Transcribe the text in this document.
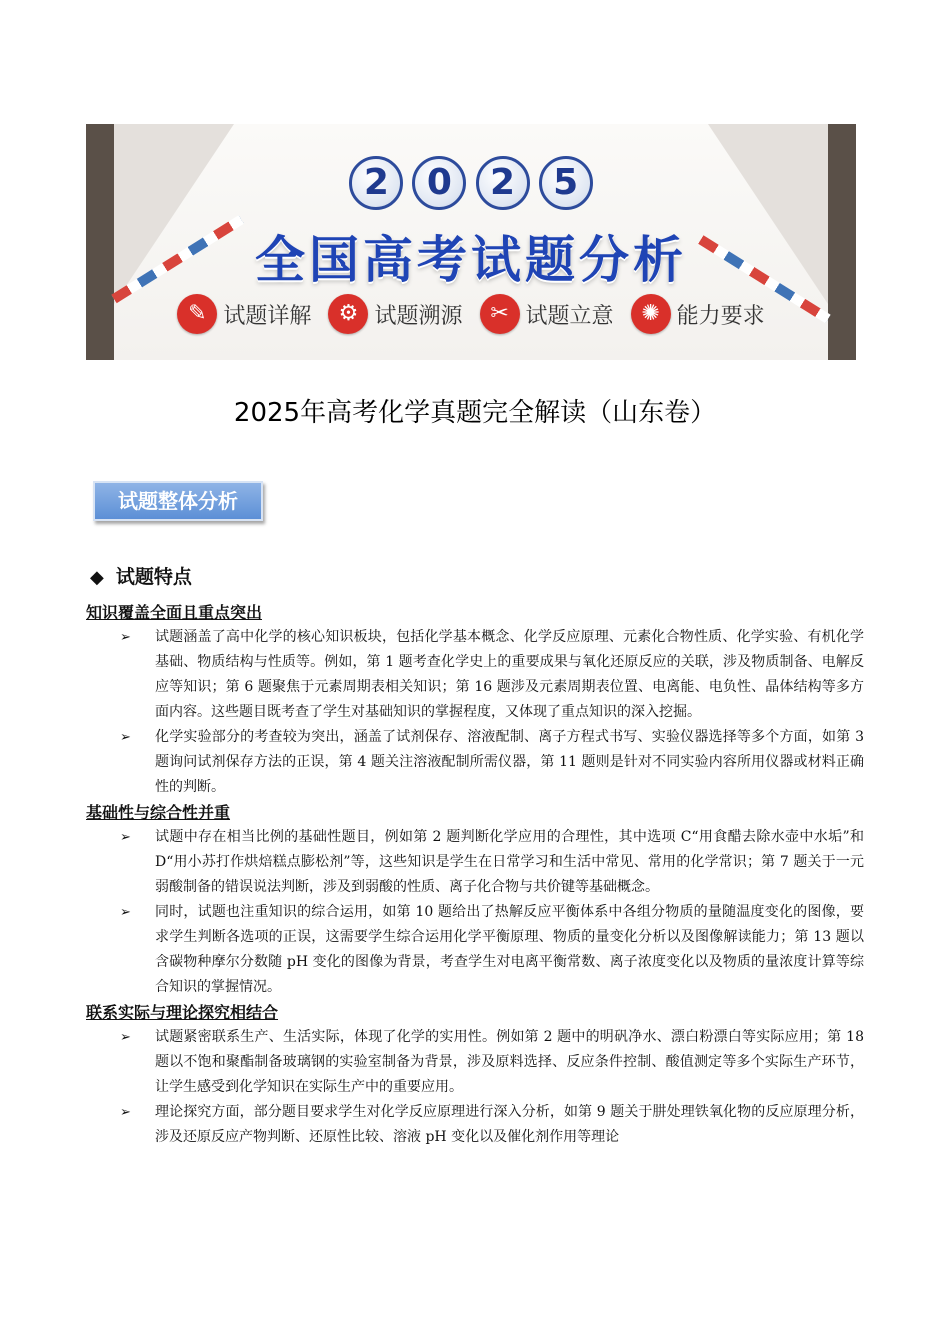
2 0 2 5
全国高考试题分析
✎ 试题详解 ⚙ 试题溯源 ✂ 试题立意 ✺ 能力要求
2025年高考化学真题完全解读（山东卷）
试题整体分析
◆ 试题特点
知识覆盖全面且重点突出
➢ 试题涵盖了高中化学的核心知识板块，包括化学基本概念、化学反应原理、元素化合物性质、化学实验、有机化学基础、物质结构与性质等。例如，第 1 题考查化学史上的重要成果与氧化还原反应的关联，涉及物质制备、电解反应等知识；第 6 题聚焦于元素周期表相关知识；第 16 题涉及元素周期表位置、电离能、电负性、晶体结构等多方面内容。这些题目既考查了学生对基础知识的掌握程度，又体现了重点知识的深入挖掘。
➢ 化学实验部分的考查较为突出，涵盖了试剂保存、溶液配制、离子方程式书写、实验仪器选择等多个方面，如第 3 题询问试剂保存方法的正误，第 4 题关注溶液配制所需仪器，第 11 题则是针对不同实验内容所用仪器或材料正确性的判断。
基础性与综合性并重
➢ 试题中存在相当比例的基础性题目，例如第 2 题判断化学应用的合理性，其中选项 C“用食醋去除水壶中水垢”和 D“用小苏打作烘焙糕点膨松剂”等，这些知识是学生在日常学习和生活中常见、常用的化学常识；第 7 题关于一元弱酸制备的错误说法判断，涉及到弱酸的性质、离子化合物与共价键等基础概念。
➢ 同时，试题也注重知识的综合运用，如第 10 题给出了热解反应平衡体系中各组分物质的量随温度变化的图像，要求学生判断各选项的正误，这需要学生综合运用化学平衡原理、物质的量变化分析以及图像解读能力；第 13 题以含碳物种摩尔分数随 pH 变化的图像为背景，考查学生对电离平衡常数、离子浓度变化以及物质的量浓度计算等综合知识的掌握情况。
联系实际与理论探究相结合
➢ 试题紧密联系生产、生活实际，体现了化学的实用性。例如第 2 题中的明矾净水、漂白粉漂白等实际应用；第 18 题以不饱和聚酯制备玻璃钢的实验室制备为背景，涉及原料选择、反应条件控制、酸值测定等多个实际生产环节，让学生感受到化学知识在实际生产中的重要应用。
➢ 理论探究方面，部分题目要求学生对化学反应原理进行深入分析，如第 9 题关于肼处理铁氧化物的反应原理分析，涉及还原反应产物判断、还原性比较、溶液 pH 变化以及催化剂作用等理论
